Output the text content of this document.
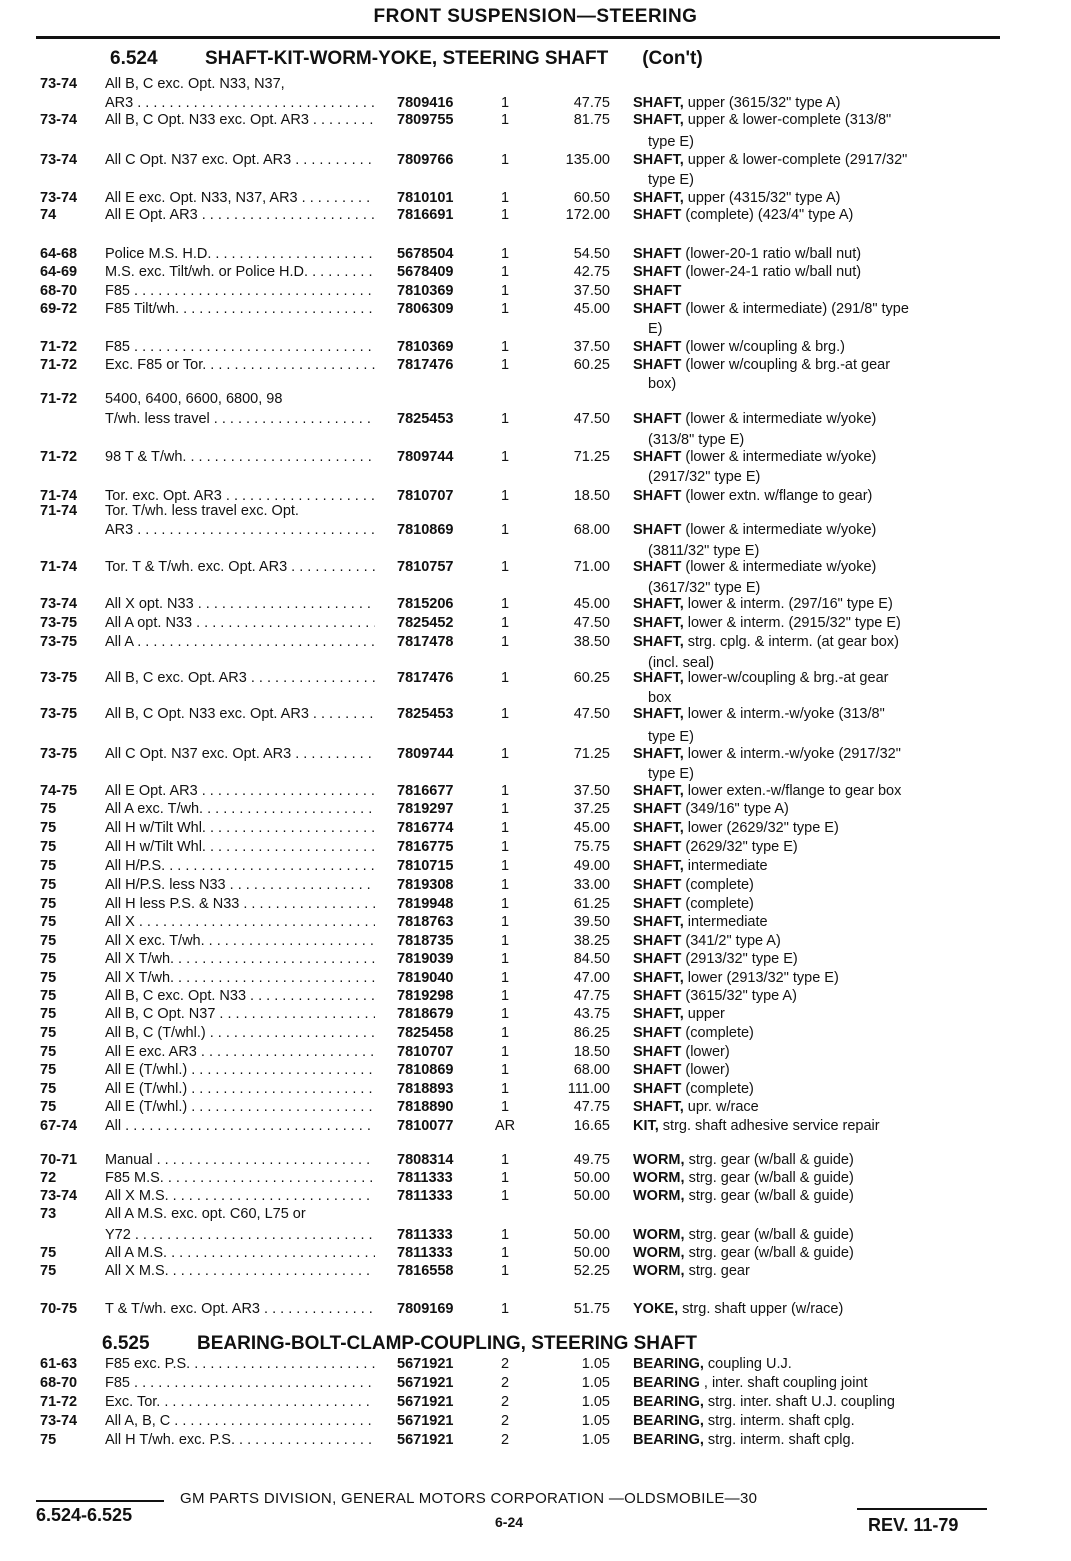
FRONT SUSPENSION—STEERING
6.524 SHAFT-KIT-WORM-YOKE, STEERING SHAFT (Con't)
6.525 BEARING-BOLT-CLAMP-COUPLING, STEERING SHAFT
73-74 All B, C exc. Opt. N33, N37,
AR3 . . .	7809416	1	47.75 SHAFT, upper (3615/32" type A)
73-74 All B, C Opt. N33 exc. Opt. AR3 . . .	7809755	1	81.75 SHAFT, upper & lower-complete (313/8"
type E)
73-74 All C Opt. N37 exc. Opt. AR3 . . .	7809766	1	135.00 SHAFT, upper & lower-complete (2917/32"
type E)
73-74 All E exc. Opt. N33, N37, AR3 . . .	7810101	1	60.50 SHAFT, upper (4315/32" type A)
74	All E Opt. AR3 . . .	7816691	1	172.00 SHAFT (complete) (423/4" type A)
64-68 Police M.S. H.D. . . .	5678504	1	54.50 SHAFT (lower-20-1 ratio w/ball nut)
64-69 M.S. exc. Tilt/wh. or Police H.D. . . .	5678409	1	42.75 SHAFT (lower-24-1 ratio w/ball nut)
68-70 F85 . . .	7810369	1	37.50 SHAFT
69-72 F85 Tilt/wh. . . .	7806309	1	45.00 SHAFT (lower & intermediate) (291/8" type
E)
71-72 F85 . . .	7810369	1	37.50 SHAFT (lower w/coupling & brg.)
71-72 Exc. F85 or Tor. . . .	7817476	1	60.25 SHAFT (lower w/coupling & brg.-at gear
box)
71-72 5400, 6400, 6600, 6800, 98
T/wh. less travel . . .	7825453	1	47.50 SHAFT (lower & intermediate w/yoke)
(313/8" type E)
71-72 98 T & T/wh. . . .	7809744	1	71.25 SHAFT (lower & intermediate w/yoke)
(2917/32" type E)
71-74 Tor. exc. Opt. AR3 . . .	7810707	1	18.50 SHAFT (lower extn. w/flange to gear)
71-74 Tor. T/wh. less travel exc. Opt.
AR3 . . .	7810869	1	68.00 SHAFT (lower & intermediate w/yoke)
(3811/32" type E)
71-74 Tor. T & T/wh. exc. Opt. AR3 . . .	7810757	1	71.00 SHAFT (lower & intermediate w/yoke)
(3617/32" type E)
73-74 All X opt. N33 . . .	7815206	1	45.00 SHAFT, lower & interm. (297/16" type E)
73-75 All A opt. N33 . . .	7825452	1	47.50 SHAFT, lower & interm. (2915/32" type E)
73-75 All A . . .	7817478	1	38.50 SHAFT, strg. cplg. & interm. (at gear box)
(incl. seal)
73-75 All B, C exc. Opt. AR3 . . .	7817476	1	60.25 SHAFT, lower-w/coupling & brg.-at gear
box
73-75 All B, C Opt. N33 exc. Opt. AR3 . . .	7825453	1	47.50 SHAFT, lower & interm.-w/yoke (313/8"
type E)
73-75 All C Opt. N37 exc. Opt. AR3 . . .	7809744	1	71.25 SHAFT, lower & interm.-w/yoke (2917/32"
type E)
74-75 All E Opt. AR3 . . .	7816677	1	37.50 SHAFT, lower exten.-w/flange to gear box
75	All A exc. T/wh. . . .	7819297	1	37.25 SHAFT (349/16" type A)
75	All H w/Tilt Whl. . . .	7816774	1	45.00 SHAFT, lower (2629/32" type E)
75	All H w/Tilt Whl. . . .	7816775	1	75.75 SHAFT (2629/32" type E)
75	All H/P.S. . . .	7810715	1	49.00 SHAFT, intermediate
75	All H/P.S. less N33 . . .	7819308	1	33.00 SHAFT (complete)
75	All H less P.S. & N33 . . .	7819948	1	61.25 SHAFT (complete)
75	All X . . .	7818763	1	39.50 SHAFT, intermediate
75	All X exc. T/wh. . . .	7818735	1	38.25 SHAFT (341/2" type A)
75	All X T/wh. . . .	7819039	1	84.50 SHAFT (2913/32" type E)
75	All X T/wh. . . .	7819040	1	47.00 SHAFT, lower (2913/32" type E)
75	All B, C exc. Opt. N33 . . .	7819298	1	47.75 SHAFT (3615/32" type A)
75	All B, C Opt. N37 . . .	7818679	1	43.75 SHAFT, upper
75	All B, C (T/whl.) . . .	7825458	1	86.25 SHAFT (complete)
75	All E exc. AR3 . . .	7810707	1	18.50 SHAFT (lower)
75	All E (T/whl.) . . .	7810869	1	68.00 SHAFT (lower)
75	All E (T/whl.) . . .	7818893	1	111.00 SHAFT (complete)
75	All E (T/whl.) . . .	7818890	1	47.75 SHAFT, upr. w/race
67-74 All . . .	7810077	AR	16.65 KIT, strg. shaft adhesive service repair
70-71 Manual . . .	7808314	1	49.75 WORM, strg. gear (w/ball & guide)
72	F85 M.S. . . .	7811333	1	50.00 WORM, strg. gear (w/ball & guide)
73-74 All X M.S. . . .	7811333	1	50.00 WORM, strg. gear (w/ball & guide)
73	All A M.S. exc. opt. C60, L75 or
Y72 . . .	7811333	1	50.00 WORM, strg. gear (w/ball & guide)
75	All A M.S. . . .	7811333	1	50.00 WORM, strg. gear (w/ball & guide)
75	All X M.S. . . .	7816558	1	52.25 WORM, strg. gear
70-75 T & T/wh. exc. Opt. AR3 . . .	7809169	1	51.75 YOKE, strg. shaft upper (w/race)
61-63 F85 exc. P.S. . . .	5671921	2	1.05 BEARING, coupling U.J.
68-70 F85 . . .	5671921	2	1.05 BEARING , inter. shaft coupling joint
71-72 Exc. Tor. . . .	5671921	2	1.05 BEARING, strg. inter. shaft U.J. coupling
73-74 All A, B, C . . .	5671921	2	1.05 BEARING, strg. interm. shaft cplg.
75	All H T/wh. exc. P.S. . . .	5671921	2	1.05 BEARING, strg. interm. shaft cplg.
6.524-6.525
GM PARTS DIVISION, GENERAL MOTORS CORPORATION —OLDSMOBILE—30
6-24	REV. 11-79
